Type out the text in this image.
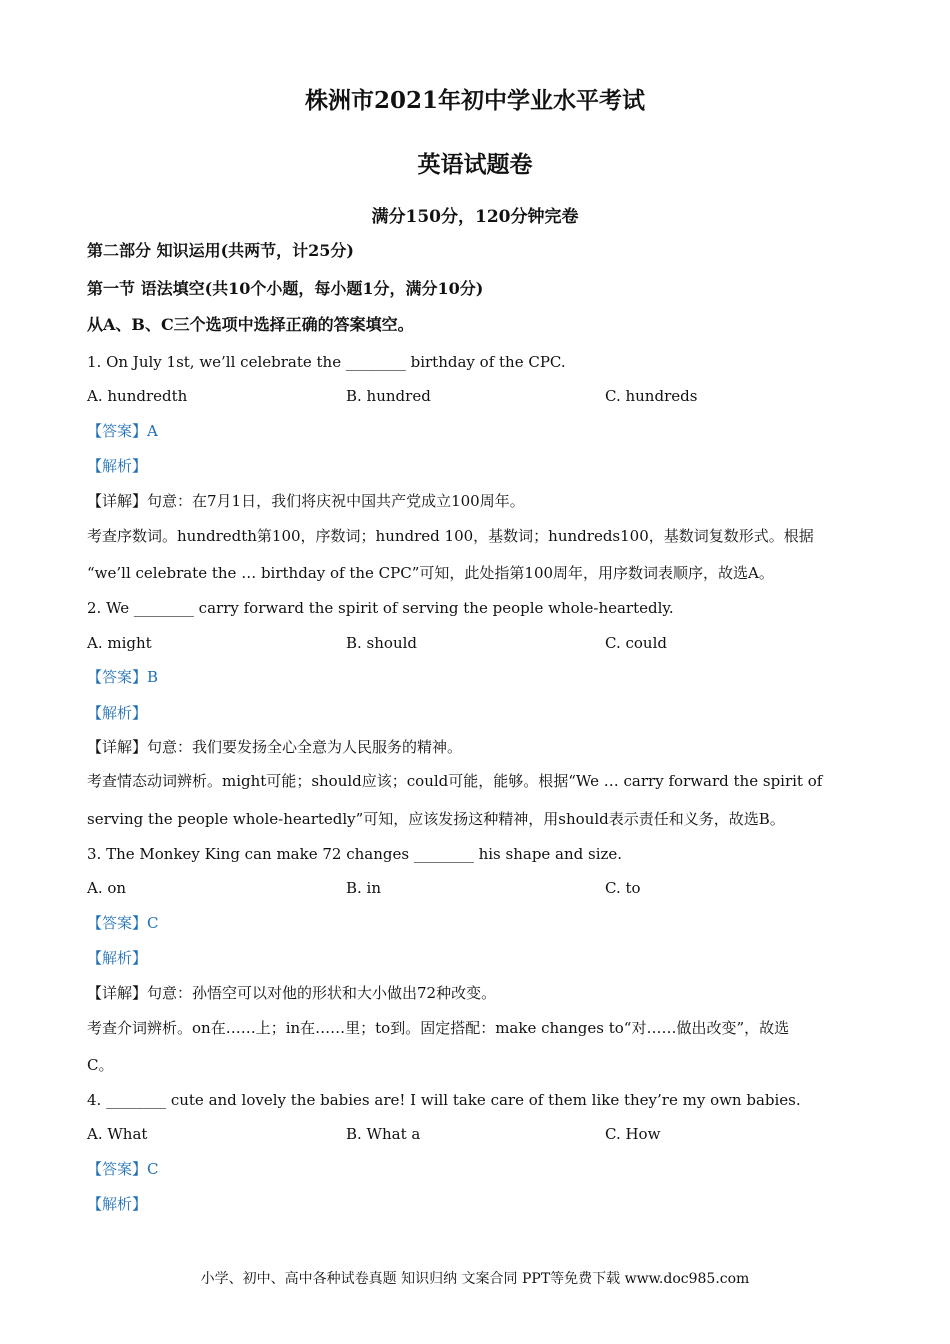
株洲市2021年初中学业水平考试
英语试题卷
满分150分，120分钟完卷
第二部分 知识运用(共两节，计25分)
第一节 语法填空(共10个小题，每小题1分，满分10分)
从A、B、C三个选项中选择正确的答案填空。
1. On July 1st, we’ll celebrate the ________ birthday of the CPC.
A. hundredth	B. hundred	C. hundreds
【答案】A
【解析】
【详解】句意：在7月1日，我们将庆祝中国共产党成立100周年。
考查序数词。hundredth第100，序数词；hundred 100，基数词；hundreds100，基数词复数形式。根据
“we’ll celebrate the … birthday of the CPC”可知，此处指第100周年，用序数词表顺序，故选A。
2. We ________ carry forward the spirit of serving the people whole-heartedly.
A. might	B. should	C. could
【答案】B
【解析】
【详解】句意：我们要发扬全心全意为人民服务的精神。
考查情态动词辨析。might可能；should应该；could可能，能够。根据“We … carry forward the spirit of
serving the people whole-heartedly”可知，应该发扬这种精神，用should表示责任和义务，故选B。
3. The Monkey King can make 72 changes ________ his shape and size.
A. on	B. in	C. to
【答案】C
【解析】
【详解】句意：孙悟空可以对他的形状和大小做出72种改变。
考查介词辨析。on在……上；in在……里；to到。固定搭配：make changes to“对……做出改变”，故选
C。
4. ________ cute and lovely the babies are! I will take care of them like they’re my own babies.
A. What	B. What a	C. How
【答案】C
【解析】
小学、初中、高中各种试卷真题 知识归纳 文案合同 PPT等免费下载 www.doc985.com
